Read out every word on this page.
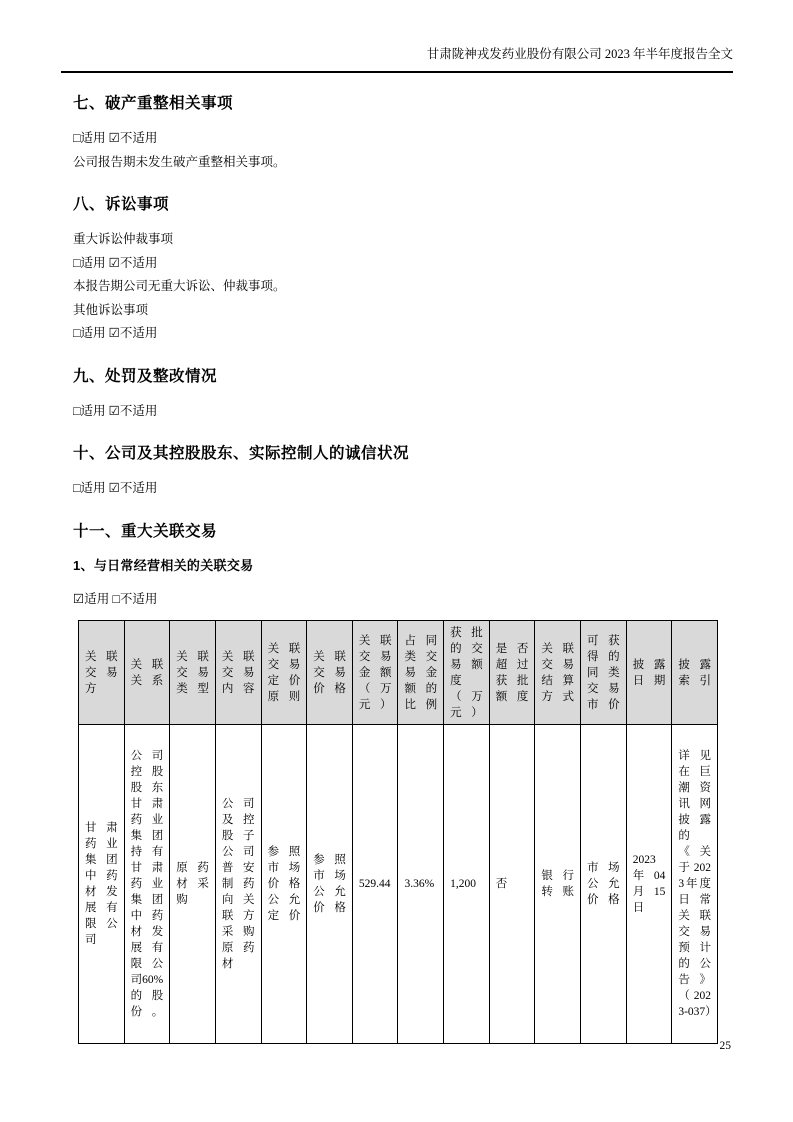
甘肃陇神戎发药业股份有限公司 2023 年半年度报告全文
七、破产重整相关事项

□适用 ☑不适用

公司报告期未发生破产重整相关事项。

八、诉讼事项

重大诉讼仲裁事项

□适用 ☑不适用

本报告期公司无重大诉讼、仲裁事项。

其他诉讼事项

□适用 ☑不适用

九、处罚及整改情况

□适用 ☑不适用

十、公司及其控股股东、实际控制人的诚信状况

□适用 ☑不适用

十一、重大关联交易
1、与日常经营相关的关联交易

☑适用 □不适用

关联交易方	关联关系	关联交易类型	关联交易内容	关联交易定价原则	关联交易价格	关联交易金额（万元）	占同类交易金额的比例	获批的交易额度（万元）	是否超过获批额度	关联交易结算方式	可获得的同类交易市价	披露日期	披露索引
甘肃药业集团中药材发展有限公司	公司控股股东甘肃药业集团持有甘肃药业集团中药材发展有限公司60%的股份。	原药材采购	公司及控股子公司普安制药向关联方采购原药材	参照市场价格公允定价	参照市场公允价格	529.44	3.36%	1,200	否	银行转账	市场公允价格	2023年04月15日	详见在巨潮资讯网披露的《关于2023年度日常关联交易预计的公告》（2023-037）
25
